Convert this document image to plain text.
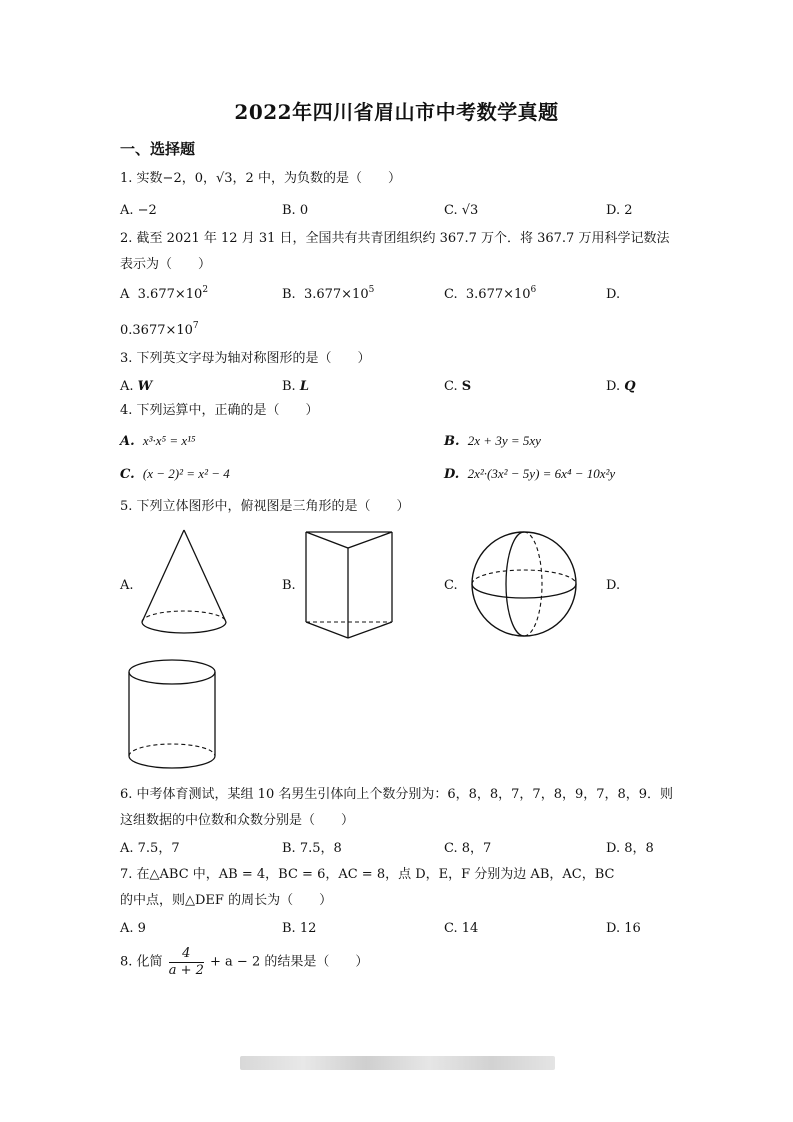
2022年四川省眉山市中考数学真题
一、选择题
1. 实数−2，0，√3，2 中，为负数的是（　　）
A. −2	B. 0	C. √3	D. 2
2. 截至 2021 年 12 月 31 日，全国共有共青团组织约 367.7 万个．将 367.7 万用科学记数法
表示为（　　）
A $3.677\times 10^2$	B. $3.677\times 10^5$	C. $3.677\times 10^6$	D.
$0.3677\times 10^7$
3. 下列英文字母为轴对称图形的是（　　）
A. W	B. L	C. S	D. Q
4. 下列运算中，正确的是（　　）
A. x³·x⁵ = x¹⁵	B. 2x + 3y = 5xy
C. (x − 2)² = x² − 4	D. 2x²·(3x² − 5y) = 6x⁴ − 10x²y
5. 下列立体图形中，俯视图是三角形的是（　　）
A.	B.	C.	D.
6. 中考体育测试，某组 10 名男生引体向上个数分别为：6，8，8，7，7，8，9，7，8，9．则
这组数据的中位数和众数分别是（　　）
A. 7.5，7	B. 7.5，8	C. 8，7	D. 8，8
7. 在△ABC 中，AB = 4，BC = 6，AC = 8，点 D，E，F 分别为边 AB，AC，BC
的中点，则△DEF 的周长为（　　）
A. 9	B. 12	C. 14	D. 16
8. 化简 $\frac{4}{a + 2} + a - 2$ 的结果是（　　）
